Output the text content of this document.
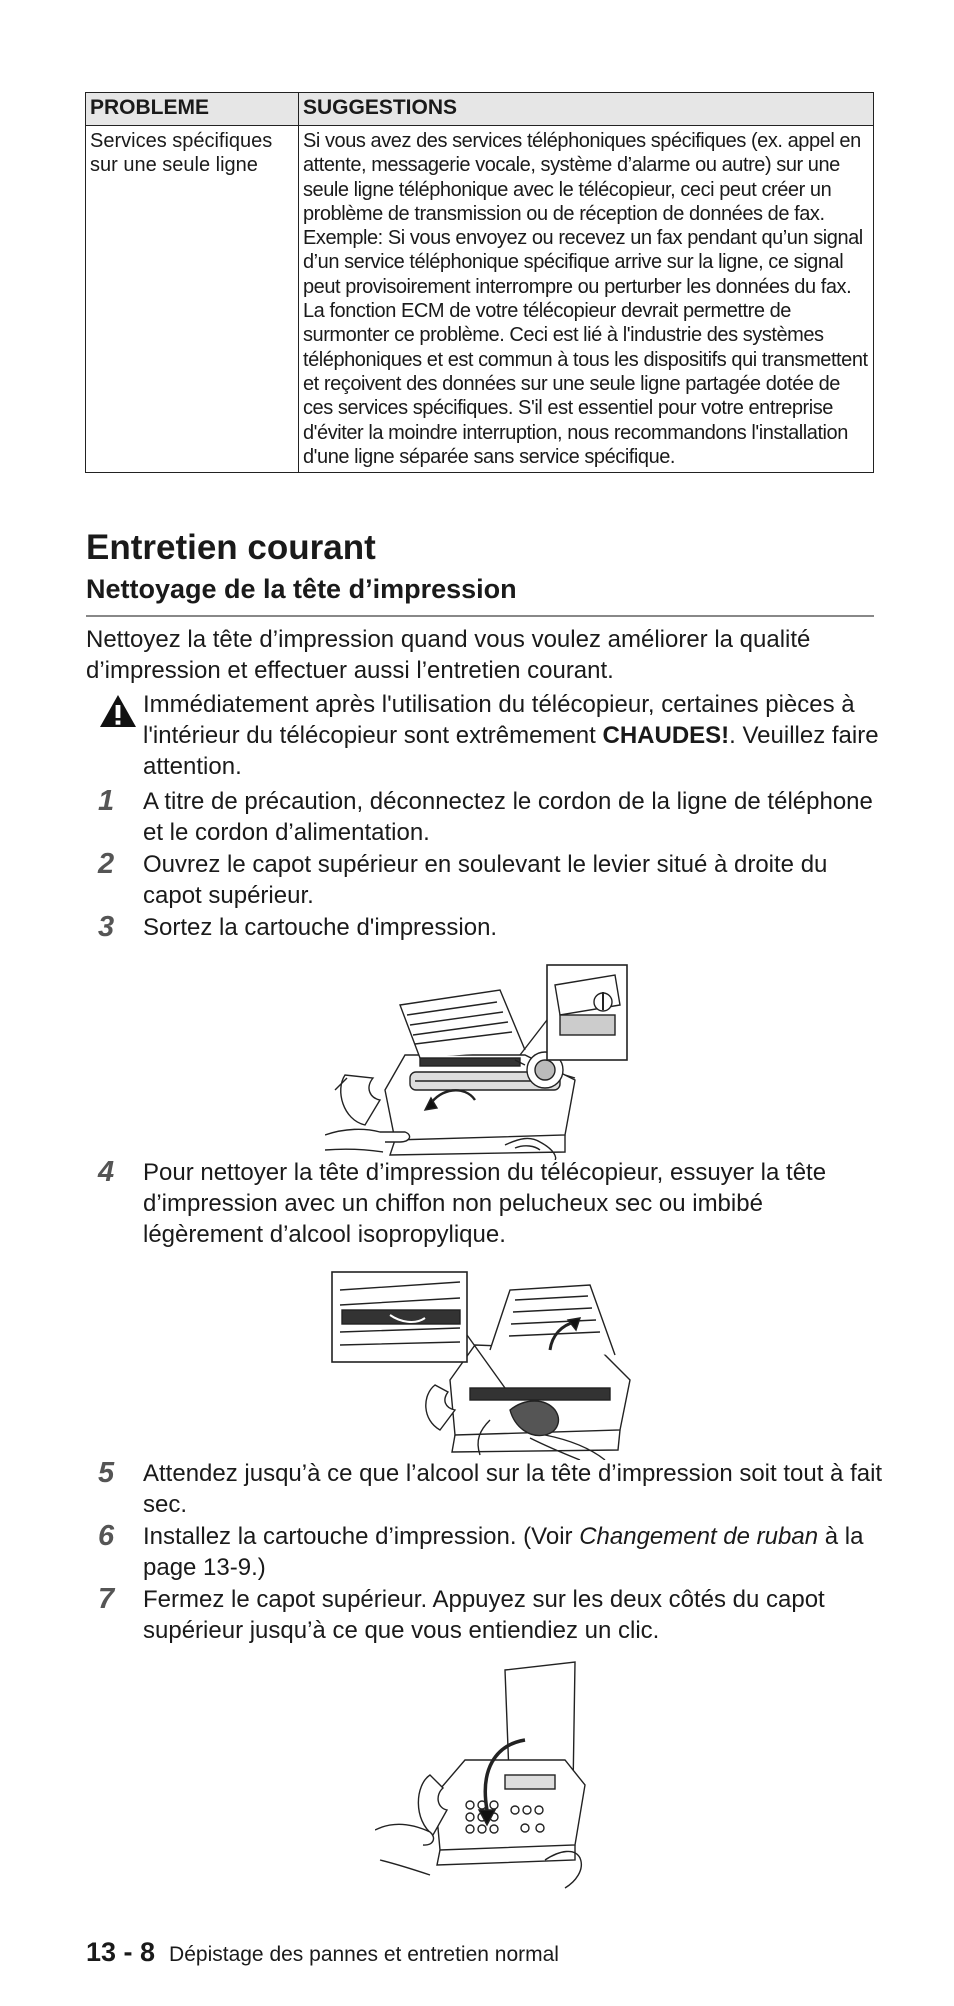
PROBLEME	SUGGESTIONS
Services spécifiques sur une seule ligne	Si vous avez des services téléphoniques spécifiques (ex. appel en attente, messagerie vocale, système d’alarme ou autre) sur une seule ligne téléphonique avec le télécopieur, ceci peut créer un problème de transmission ou de réception de données de fax.

Exemple: Si vous envoyez ou recevez un fax pendant qu’un signal d’un service téléphonique spécifique arrive sur la ligne, ce signal peut provisoirement interrompre ou perturber les données du fax. La fonction ECM de votre télécopieur devrait permettre de surmonter ce problème. Ceci est lié à l'industrie des systèmes téléphoniques et est commun à tous les dispositifs qui transmettent et reçoivent des données sur une seule ligne partagée dotée de ces services spécifiques. S'il est essentiel pour votre entreprise d'éviter la moindre interruption, nous recommandons l'installation d'une ligne séparée sans service spécifique.

Entretien courant
Nettoyage de la tête d’impression

Nettoyez la tête d’impression quand vous voulez améliorer la qualité d’impression et effectuer aussi l’entretien courant.

Immédiatement après l'utilisation du télécopieur, certaines pièces à l'intérieur du télécopieur sont extrêmement CHAUDES!. Veuillez faire attention.

1 A titre de précaution, déconnectez le cordon de la ligne de téléphone et le cordon d’alimentation.
2 Ouvrez le capot supérieur en soulevant le levier situé à droite du capot supérieur.
3 Sortez la cartouche d'impression.
4 Pour nettoyer la tête d’impression du télécopieur, essuyer la tête d’impression avec un chiffon non pelucheux sec ou imbibé légèrement d’alcool isopropylique.
5 Attendez jusqu’à ce que l’alcool sur la tête d’impression soit tout à fait sec.
6 Installez la cartouche d’impression. (Voir Changement de ruban à la page 13-9.)
7 Fermez le capot supérieur. Appuyez sur les deux côtés du capot supérieur jusqu’à ce que vous entiendiez un clic.
13 - 8 Dépistage des pannes et entretien normal
